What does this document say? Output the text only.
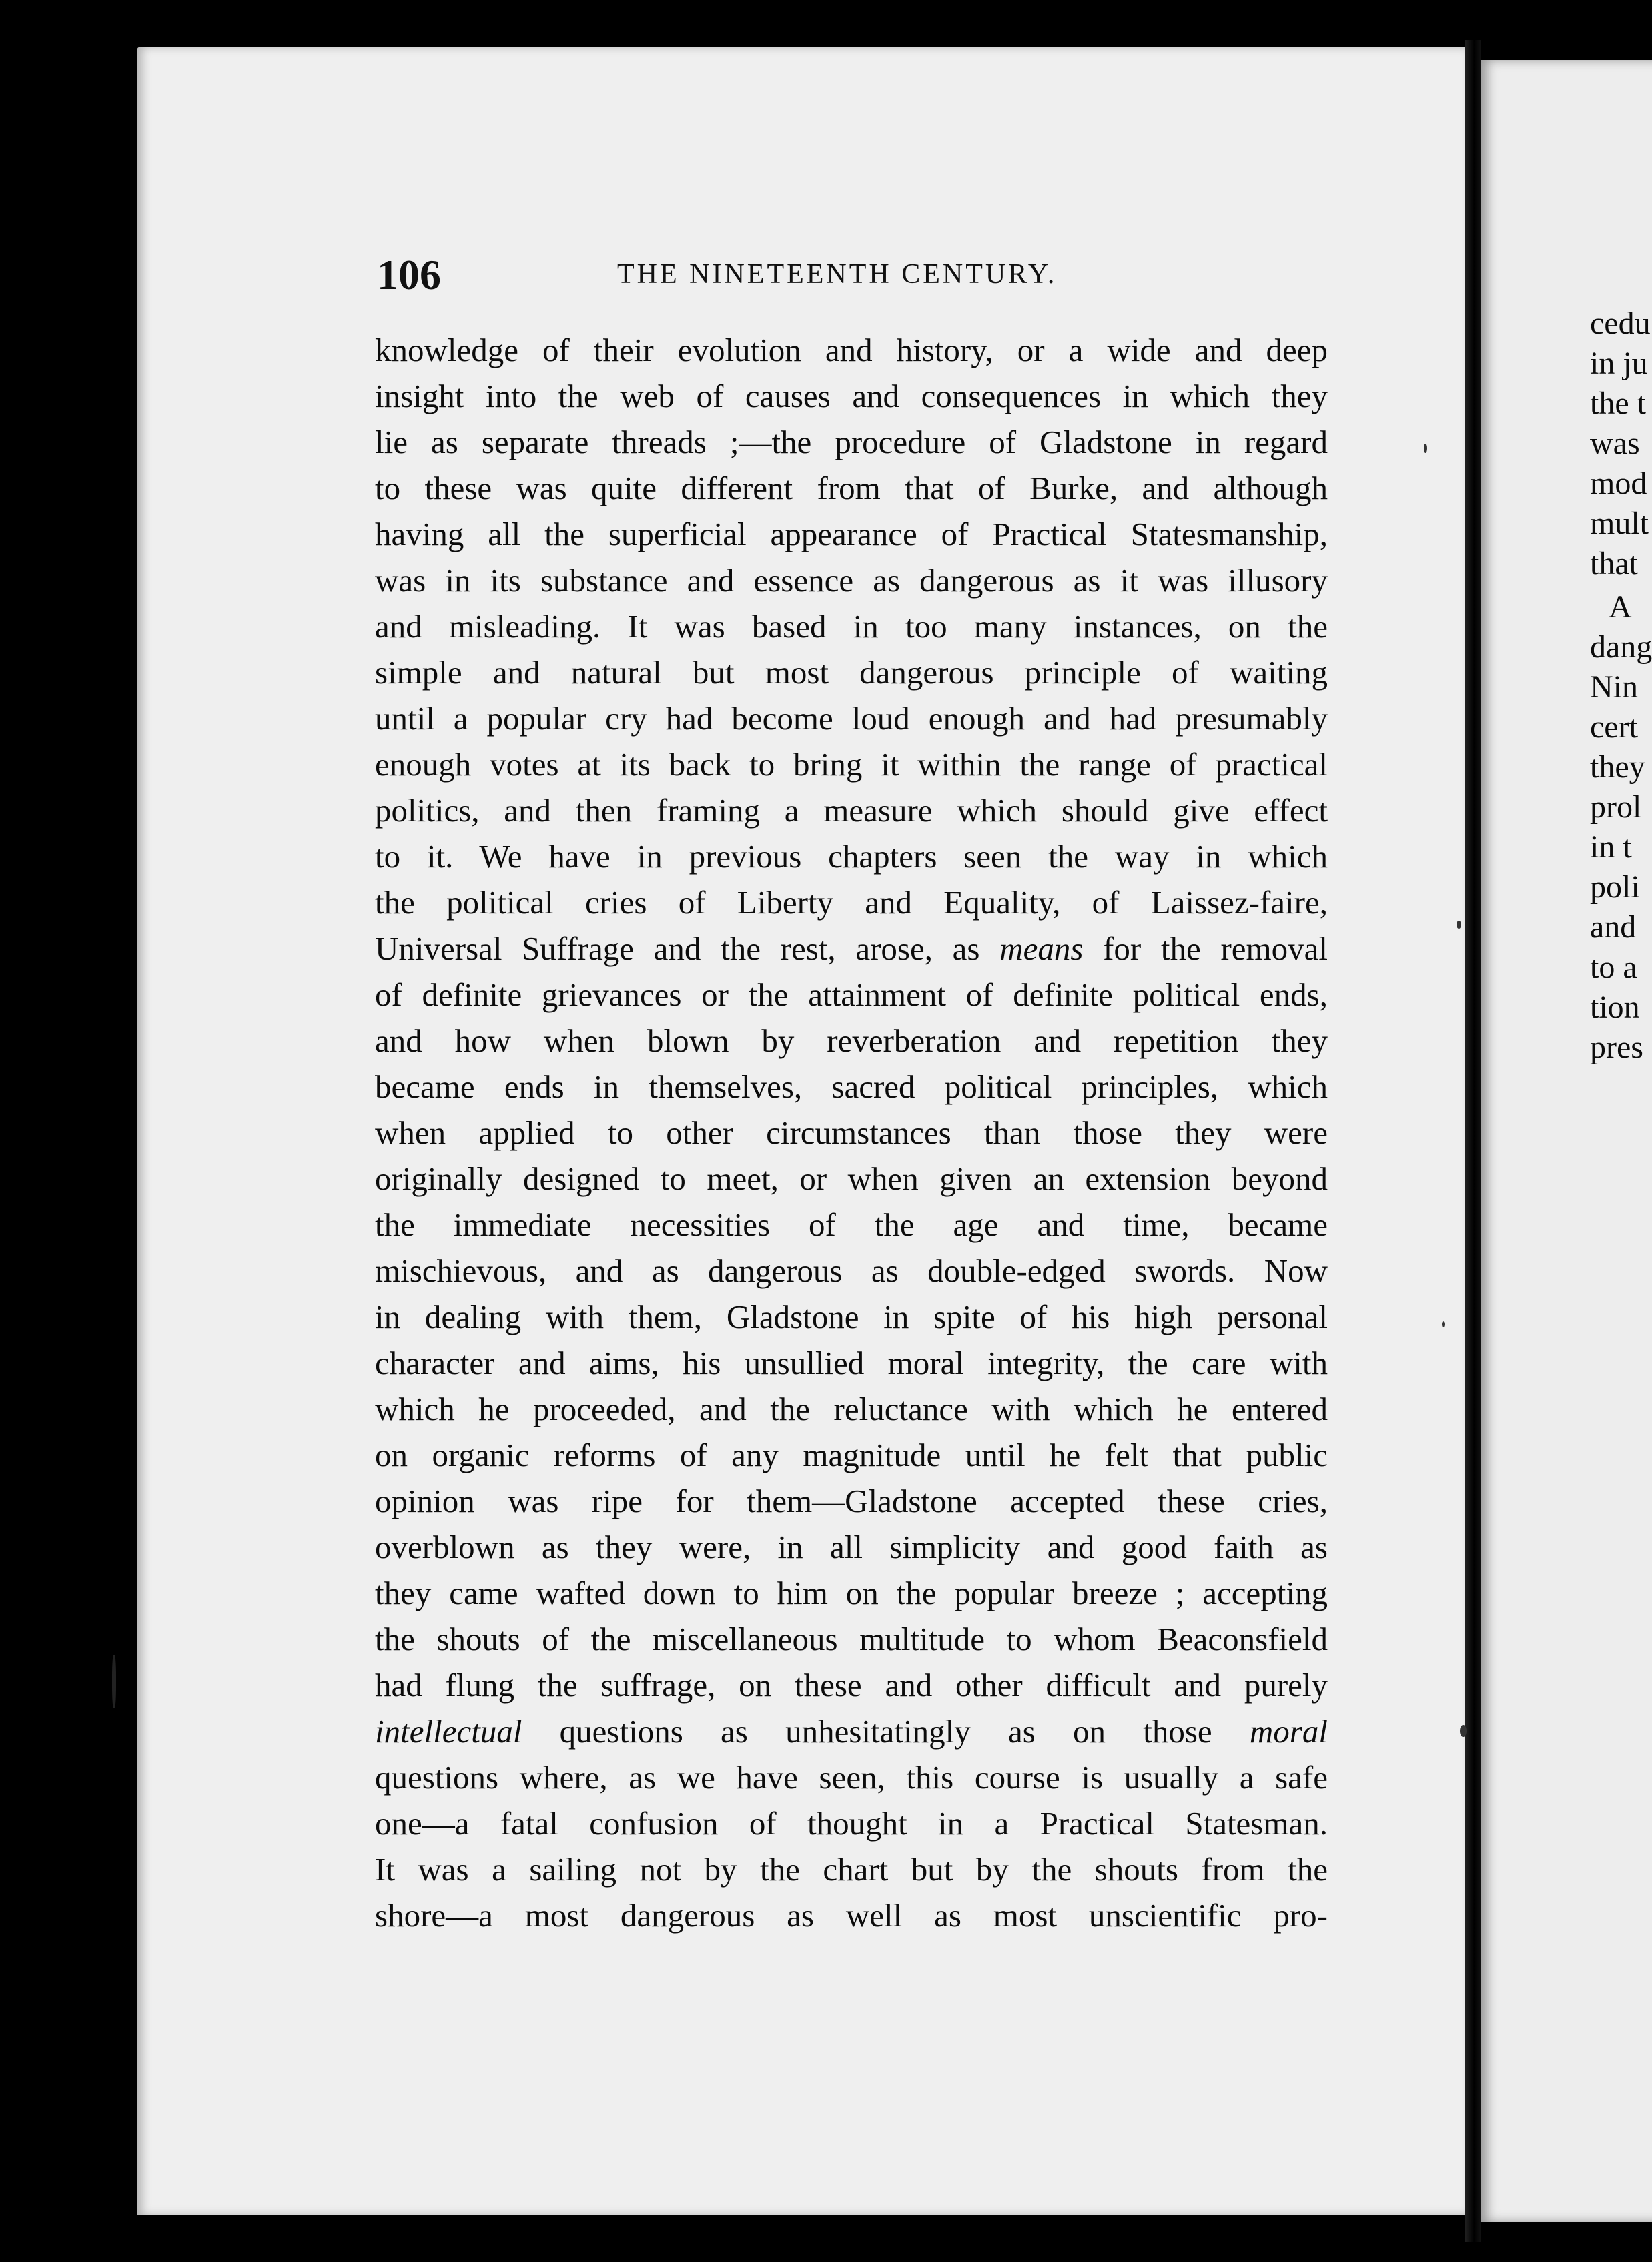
cedu
in ju
the t
was
mod
mult
that
A
dang
Nin
cert
they
prol
in t
poli
and
to a
tion
pres
106	THE NINETEENTH CENTURY.
knowledge of their evolution and history, or a wide and deep
insight into the web of causes and consequences in which they
lie as separate threads ;—the procedure of Gladstone in regard
to these was quite different from that of Burke, and although
having all the superficial appearance of Practical Statesmanship,
was in its substance and essence as dangerous as it was illusory
and misleading. It was based in too many instances, on the
simple and natural but most dangerous principle of waiting
until a popular cry had become loud enough and had presumably
enough votes at its back to bring it within the range of practical
politics, and then framing a measure which should give effect
to it. We have in previous chapters seen the way in which
the political cries of Liberty and Equality, of Laissez-faire,
Universal Suffrage and the rest, arose, as means for the removal
of definite grievances or the attainment of definite political ends,
and how when blown by reverberation and repetition they
became ends in themselves, sacred political principles, which
when applied to other circumstances than those they were
originally designed to meet, or when given an extension beyond
the immediate necessities of the age and time, became
mischievous, and as dangerous as double-edged swords. Now
in dealing with them, Gladstone in spite of his high personal
character and aims, his unsullied moral integrity, the care with
which he proceeded, and the reluctance with which he entered
on organic reforms of any magnitude until he felt that public
opinion was ripe for them—Gladstone accepted these cries,
overblown as they were, in all simplicity and good faith as
they came wafted down to him on the popular breeze ; accepting
the shouts of the miscellaneous multitude to whom Beaconsfield
had flung the suffrage, on these and other difficult and purely
intellectual questions as unhesitatingly as on those moral
questions where, as we have seen, this course is usually a safe
one—a fatal confusion of thought in a Practical Statesman.
It was a sailing not by the chart but by the shouts from the
shore—a most dangerous as well as most unscientific pro-
